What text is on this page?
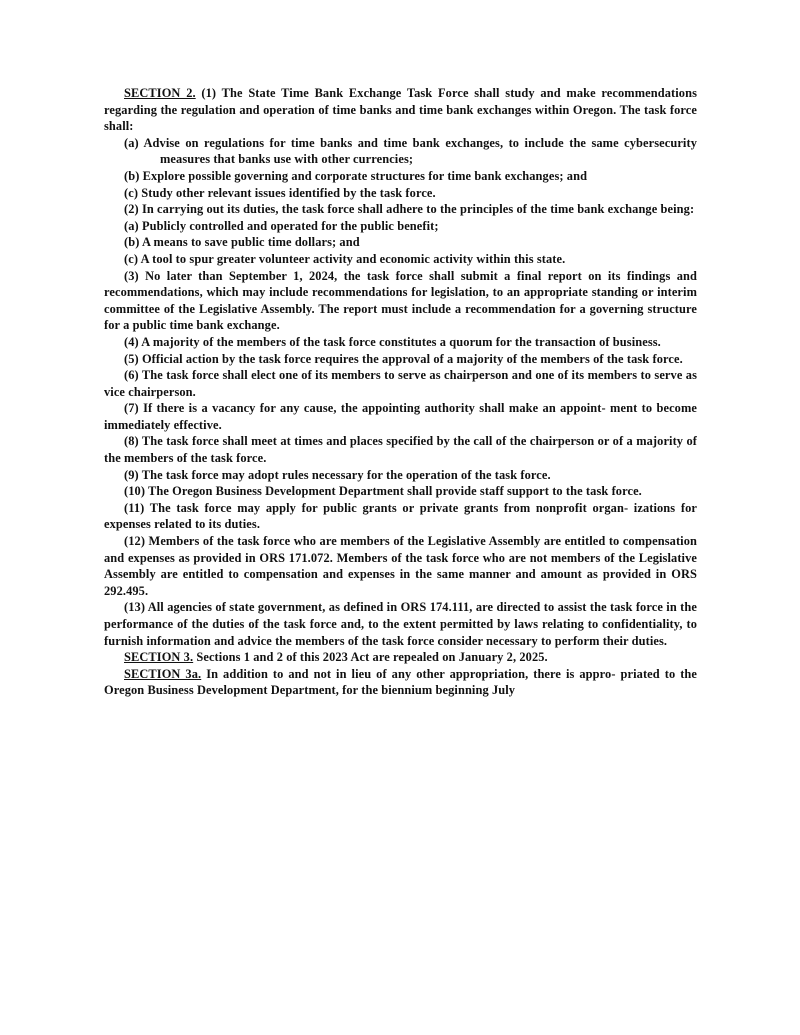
SECTION 2. (1) The State Time Bank Exchange Task Force shall study and make recommendations regarding the regulation and operation of time banks and time bank exchanges within Oregon. The task force shall:

(a) Advise on regulations for time banks and time bank exchanges, to include the same cybersecurity measures that banks use with other currencies;

(b) Explore possible governing and corporate structures for time bank exchanges; and

(c) Study other relevant issues identified by the task force.

(2) In carrying out its duties, the task force shall adhere to the principles of the time bank exchange being:

(a) Publicly controlled and operated for the public benefit;

(b) A means to save public time dollars; and

(c) A tool to spur greater volunteer activity and economic activity within this state.

(3) No later than September 1, 2024, the task force shall submit a final report on its findings and recommendations, which may include recommendations for legislation, to an appropriate standing or interim committee of the Legislative Assembly. The report must include a recommendation for a governing structure for a public time bank exchange.

(4) A majority of the members of the task force constitutes a quorum for the transaction of business.

(5) Official action by the task force requires the approval of a majority of the members of the task force.

(6) The task force shall elect one of its members to serve as chairperson and one of its members to serve as vice chairperson.

(7) If there is a vacancy for any cause, the appointing authority shall make an appoint- ment to become immediately effective.

(8) The task force shall meet at times and places specified by the call of the chairperson or of a majority of the members of the task force.

(9) The task force may adopt rules necessary for the operation of the task force.

(10) The Oregon Business Development Department shall provide staff support to the task force.

(11) The task force may apply for public grants or private grants from nonprofit organ- izations for expenses related to its duties.

(12) Members of the task force who are members of the Legislative Assembly are entitled to compensation and expenses as provided in ORS 171.072. Members of the task force who are not members of the Legislative Assembly are entitled to compensation and expenses in the same manner and amount as provided in ORS 292.495.

(13) All agencies of state government, as defined in ORS 174.111, are directed to assist the task force in the performance of the duties of the task force and, to the extent permitted by laws relating to confidentiality, to furnish information and advice the members of the task force consider necessary to perform their duties.

SECTION 3. Sections 1 and 2 of this 2023 Act are repealed on January 2, 2025.

SECTION 3a. In addition to and not in lieu of any other appropriation, there is appro- priated to the Oregon Business Development Department, for the biennium beginning July
